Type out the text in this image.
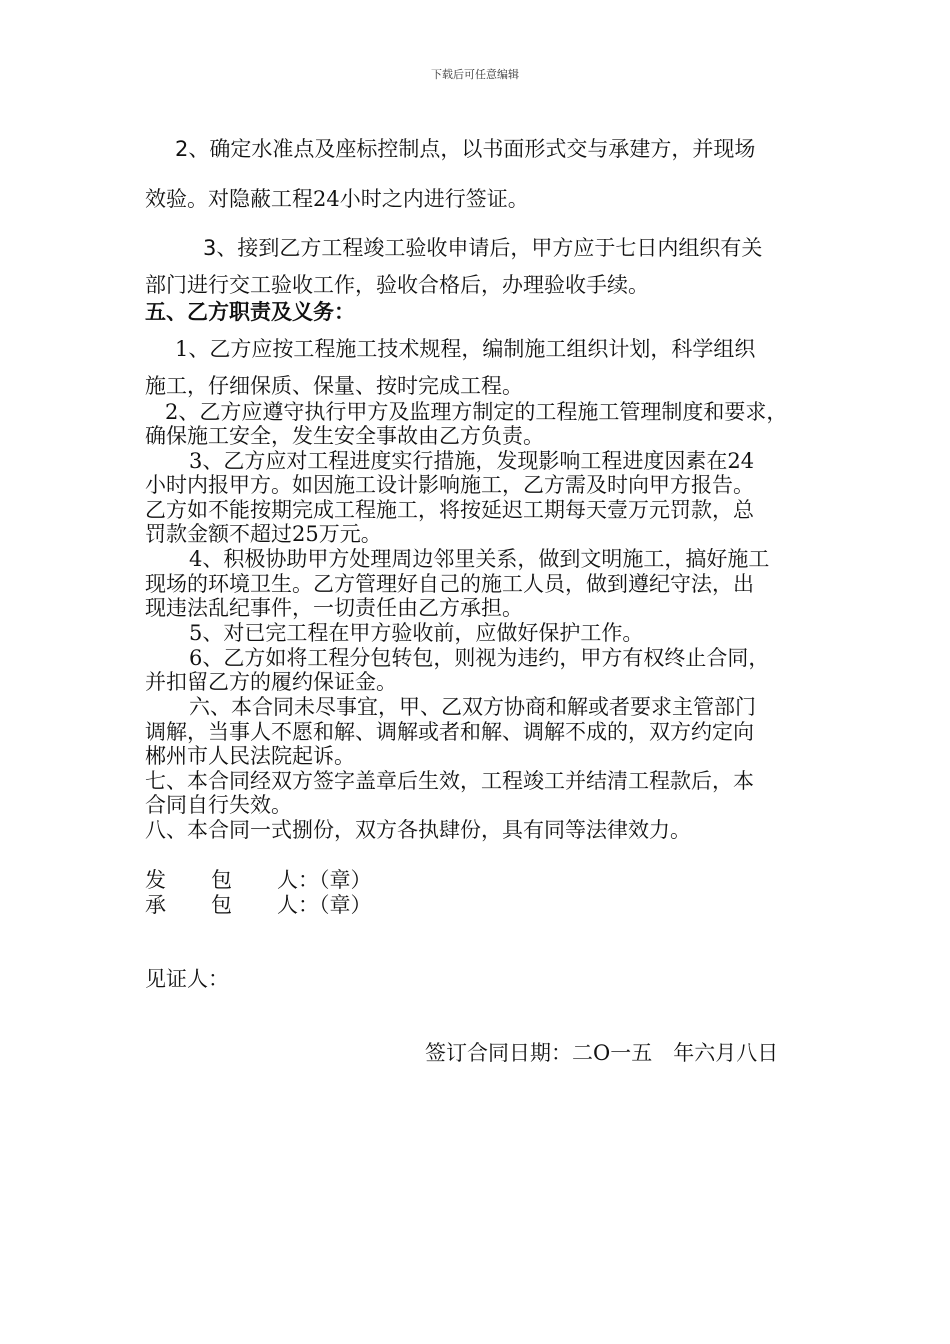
下载后可任意编辑
2、确定水准点及座标控制点，以书面形式交与承建方，并现场
效验。对隐蔽工程24小时之内进行签证。
3、接到乙方工程竣工验收申请后，甲方应于七日内组织有关
部门进行交工验收工作，验收合格后，办理验收手续。
五、乙方职责及义务：
1、乙方应按工程施工技术规程，编制施工组织计划，科学组织
施工，仔细保质、保量、按时完成工程。
2、乙方应遵守执行甲方及监理方制定的工程施工管理制度和要求，
确保施工安全，发生安全事故由乙方负责。
3、乙方应对工程进度实行措施，发现影响工程进度因素在24
小时内报甲方。如因施工设计影响施工，乙方需及时向甲方报告。
乙方如不能按期完成工程施工，将按延迟工期每天壹万元罚款，总
罚款金额不超过25万元。
4、积极协助甲方处理周边邻里关系，做到文明施工，搞好施工
现场的环境卫生。乙方管理好自己的施工人员，做到遵纪守法，出
现违法乱纪事件，一切责任由乙方承担。
5、对已完工程在甲方验收前，应做好保护工作。
6、乙方如将工程分包转包，则视为违约，甲方有权终止合同，
并扣留乙方的履约保证金。
六、本合同未尽事宜，甲、乙双方协商和解或者要求主管部门
调解，当事人不愿和解、调解或者和解、调解不成的，双方约定向
郴州市人民法院起诉。
七、本合同经双方签字盖章后生效，工程竣工并结清工程款后，本
合同自行失效。
八、本合同一式捌份，双方各执肆份，具有同等法律效力。
发 包 人：（章）
承 包 人：（章）
见证人：
签订合同日期：二O一五　年六月八日
